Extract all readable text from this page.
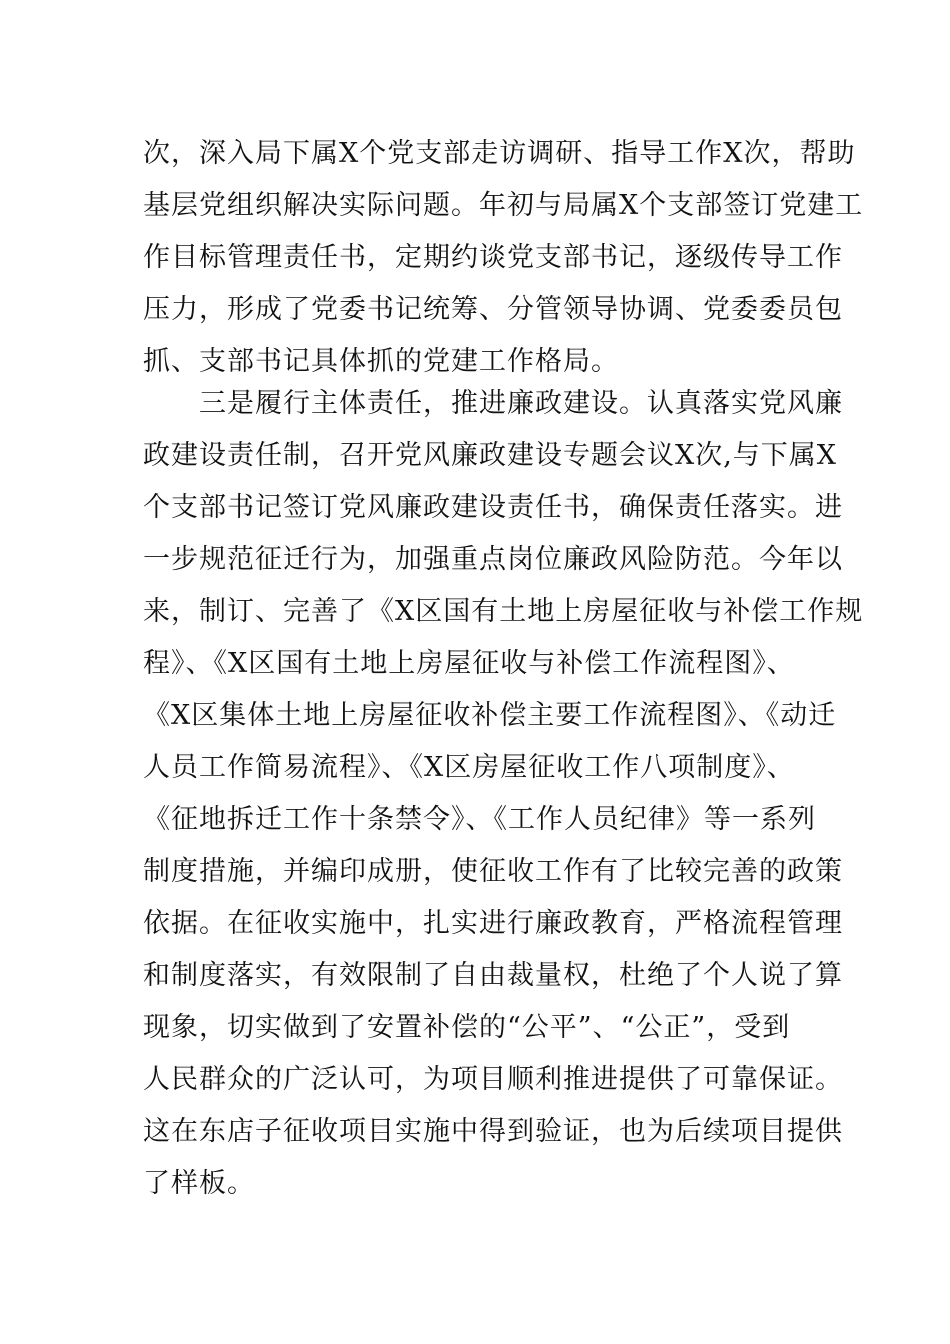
次，深入局下属X个党支部走访调研、指导工作X次，帮助
基层党组织解决实际问题。年初与局属X个支部签订党建工
作目标管理责任书，定期约谈党支部书记，逐级传导工作
压力，形成了党委书记统筹、分管领导协调、党委委员包
抓、支部书记具体抓的党建工作格局。
三是履行主体责任，推进廉政建设。认真落实党风廉
政建设责任制，召开党风廉政建设专题会议X次,与下属X
个支部书记签订党风廉政建设责任书，确保责任落实。进
一步规范征迁行为，加强重点岗位廉政风险防范。今年以
来，制订、完善了《X区国有土地上房屋征收与补偿工作规
程》、《X区国有土地上房屋征收与补偿工作流程图》、
《X区集体土地上房屋征收补偿主要工作流程图》、《动迁
人员工作简易流程》、《X区房屋征收工作八项制度》、
《征地拆迁工作十条禁令》、《工作人员纪律》等一系列
制度措施，并编印成册，使征收工作有了比较完善的政策
依据。在征收实施中，扎实进行廉政教育，严格流程管理
和制度落实，有效限制了自由裁量权，杜绝了个人说了算
现象，切实做到了安置补偿的“公平”、“公正”，受到
人民群众的广泛认可，为项目顺利推进提供了可靠保证。
这在东店子征收项目实施中得到验证，也为后续项目提供
了样板。
